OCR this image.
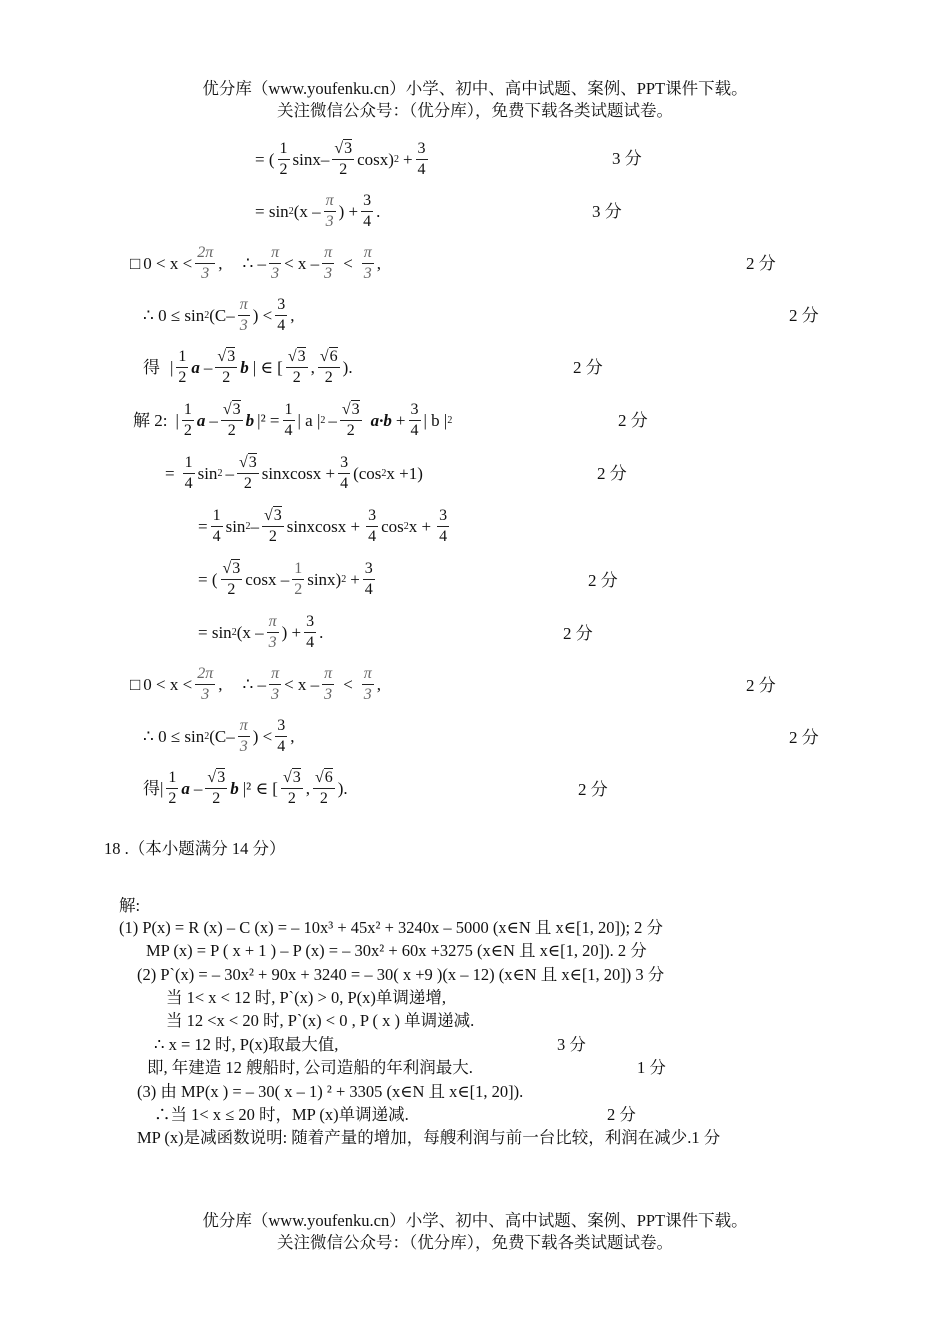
优分库（www.youfenku.cn）小学、初中、高中试题、案例、PPT课件下载。
关注微信公众号：（优分库），免费下载各类试题试卷。
= ( $\frac{1}{2} \sin x- \frac{√3}{2} \cos x$) $2 + \frac{3}{4}$	3 分
= sin 2 ($x - \frac{\pi}{3}$ ) + $\frac{3}{4}$ .	3 分
□ $0 < x < \frac{2\pi}{3}$ , ∴ – $\frac{\pi}{3} < x - \frac{\pi}{3} < \frac{\pi}{3}$ ,	2 分
∴ 0 ≤ sin 2 ($C- \frac{\pi}{3}$ ) < $\frac{3}{4}$ ,	2 分
得 | $\frac{1}{2}$ a – $\frac{√3}{2}$ b | ∈ [ $\frac{√3}{2}$ , $\frac{√6}{2}$ ).	2 分
解 2: | $\frac{1}{2}$ a – $\frac{√3}{2}$ b $|^2 = \frac{1}{4}$ | a | $2 - \frac{√3}{2} a\cdot b + \frac{3}{4}$ | b | 2	2 分
= $\frac{1}{4}$ $\sin 2 - \frac{√3}{2}$ sinxcosx + $\frac{3}{4} (\cos$ 2 x +1)	2 分
= $\frac{1}{4}$ $\sin 2 - \frac{√3}{2}$ sinxcosx + $\frac{3}{4}$ cos 2 $x + \frac{3}{4}$
= ( $\frac{√3}{2}$ cosx – $\frac{1}{2} \sin x$) $2 + \frac{3}{4}$	2 分
= sin 2 ($x - \frac{\pi}{3}$ ) + $\frac{3}{4}$ .	2 分
□ $0 < x < \frac{2\pi}{3}$ , ∴ – $\frac{\pi}{3} < x - \frac{\pi}{3} < \frac{\pi}{3}$ ,	2 分
∴ 0 ≤ sin 2 ($C- \frac{\pi}{3}$ ) < $\frac{3}{4}$ ,	2 分
得 | $\frac{1}{2}$ a – $\frac{√3}{2}$ b |² ∈ [ $\frac{√3}{2}$ , $\frac{√6}{2}$ ).	2 分
18 .（本小题满分 14 分）
解:
(1) P(x) = R (x) – C (x) = – 10x³ + 45x² + 3240x – 5000 (x∈N 且 x∈[1, 20]); 2 分
MP (x) = P ( x + 1 ) – P (x) = – 30x² + 60x +3275 (x∈N 且 x∈[1, 20]). 2 分
(2) P`(x) = – 30x² + 90x + 3240 = – 30( x +9 )(x – 12) (x∈N 且 x∈[1, 20]) 3 分
当 1< x < 12 时, P`(x) > 0, P(x)单调递增,
当 12 <x < 20 时, P`(x) < 0 , P ( x ) 单调递减.
∴ x = 12 时, P(x)取最大值,	3 分
即, 年建造 12 艘船时, 公司造船的年利润最大.	1 分
(3) 由 MP(x ) = – 30( x – 1) ² + 3305 (x∈N 且 x∈[1, 20]).
∴当 1< x ≤ 20 时，MP (x)单调递减.	2 分
MP (x)是减函数说明: 随着产量的增加，每艘利润与前一台比较，利润在减少.1 分
优分库（www.youfenku.cn）小学、初中、高中试题、案例、PPT课件下载。
关注微信公众号：（优分库），免费下载各类试题试卷。
